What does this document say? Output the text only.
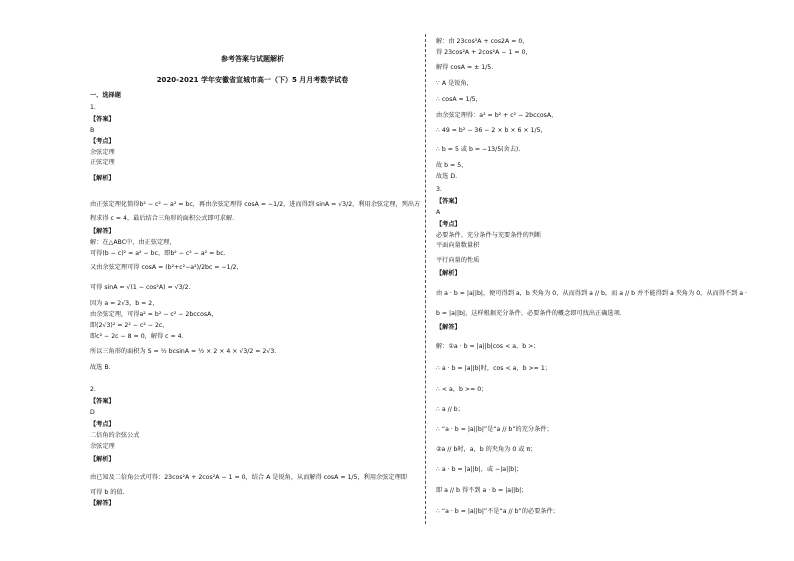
参考答案与试题解析
2020-2021 学年安徽省宣城市高一（下）5 月月考数学试卷
一、选择题
1.
【答案】
B
【考点】
余弦定理
正弦定理
【解析】
由正弦定理化简得b² − c² − a² = bc，再由余弦定理得 cosA = −1/2，进而得到 sinA = √3/2，利用余弦定理，列出方
程求得 c = 4，最后结合三角形的面积公式即可求解.
【解答】
解：在△ABC中，由正弦定理，
可得(b − c)² = a² − bc，即b² − c² − a² = bc.
又由余弦定理可得 cosA = (b²+c²−a²)/2bc = −1/2，
可得 sinA = √(1 − cos²A) = √3/2.
因为 a = 2√3，b = 2，
由余弦定理，可得a² = b² − c² − 2bccosA，
即(2√3)² = 2² − c² − 2c，
即c² − 2c − 8 = 0，解得 c = 4.
所以三角形的面积为 S = ½ bcsinA = ½ × 2 × 4 × √3/2 = 2√3.
故选 B.
2.
【答案】
D
【考点】
二倍角的余弦公式
余弦定理
【解析】
由已知及二倍角公式可得：23cos²A + 2cos²A − 1 = 0，结合 A 是锐角，从而解得 cosA = 1/5，利用余弦定理即
可得 b 的值.
【解答】
解：由 23cos²A + cos2A = 0，
得 23cos²A + 2cos²A − 1 = 0，
解得 cosA = ± 1/5.
∵ A 是锐角，
∴ cosA = 1/5，
由余弦定理得：a² = b² + c² − 2bccosA，
∴ 49 = b² − 36 − 2 × b × 6 × 1/5，
∴ b = 5 或 b = −13/5(舍去).
故 b = 5，
故选 D.
3.
【答案】
A
【考点】
必要条件、充分条件与充要条件的判断
平面向量数量积
平行向量的性质
【解析】
由 a · b = |a||b|，便可得到 a，b 夹角为 0，从而得到 a // b，而 a // b 并不能得到 a 夹角为 0，从而得不到 a ·
b = |a||b|，这样根据充分条件、必要条件的概念即可找出正确选项.
【解答】
解：①a · b = |a||b|cos < a，b >；
∴ a · b = |a||b|时，cos < a，b >= 1；
∴ < a，b >= 0；
∴ a // b；
∴ “a · b = |a||b|”是“a // b”的充分条件；
②a // b时，a，b 的夹角为 0 或 π；
∴ a · b = |a||b|，或 −|a||b|；
即 a // b 得不到 a · b = |a||b|；
∴ “a · b = |a||b|”不是“a // b”的必要条件；
